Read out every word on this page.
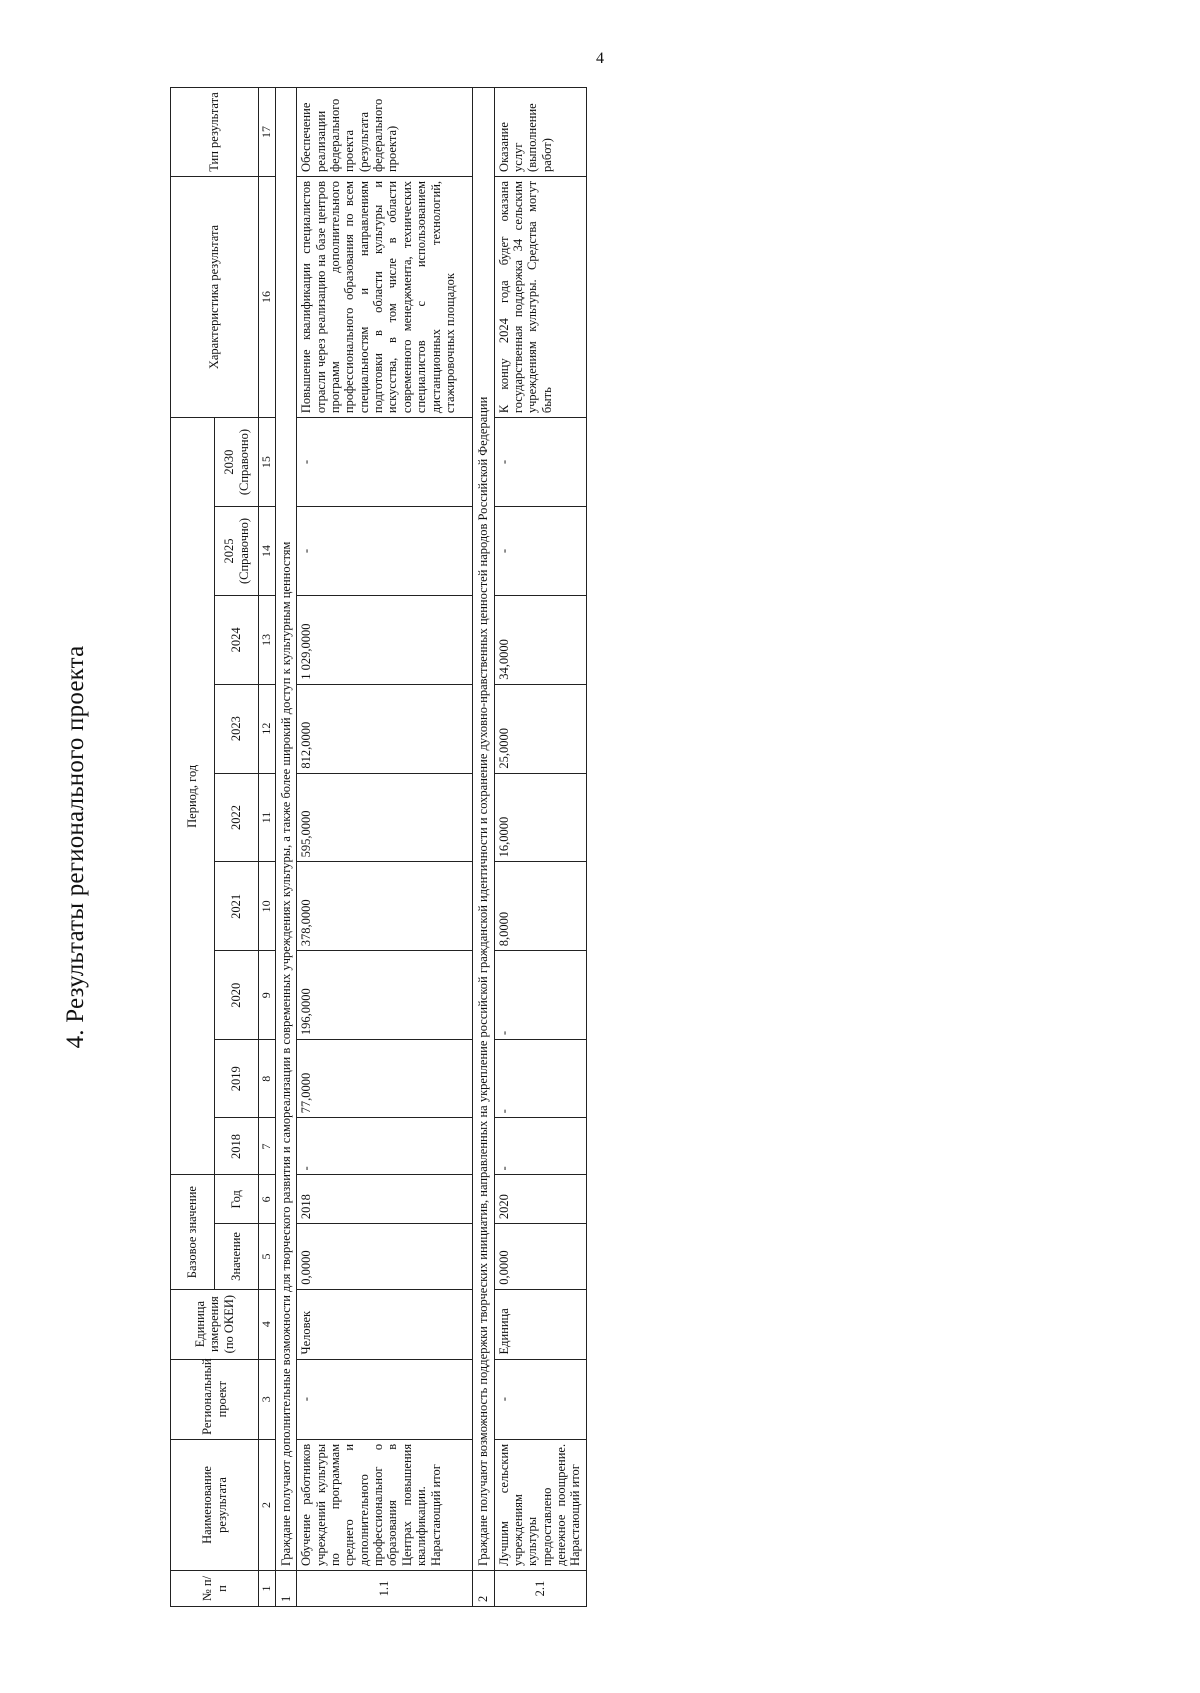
4
4. Результаты регионального проекта
№ п/п	Наименование результата	Региональный проект	Единица измерения (по ОКЕИ)	Базовое значение		Период, год									Характеристика результата	Тип результата
				Значение	Год	2018	2019	2020	2021	2022	2023	2024	2025 (Справочно)	2030 (Справочно)		
1	2	3	4	5	6	7	8	9	10	11	12	13	14	15	16	17
1	Граждане получают дополнительные возможности для творческого развития и самореализации в современных учреждениях культуры, а также более широкий доступ к культурным ценностям															
1.1	Обучение работников учреждений культуры по программам среднего и дополнительного профессиональног о образования в Центрах повышения квалификации. Нарастающий итог	-	Человек	0,0000	2018	-	77,0000	196,0000	378,0000	595,0000	812,0000	1 029,0000	-	-	Повышение квалификации специалистов отрасли через реализацию на базе центров программ дополнительного профессионального образования по всем специальностям и направлениям подготовки в области культуры и искусства, в том числе в области современного менеджмента, технических специалистов с использованием дистанционных технологий, стажировочных площадок	Обеспечение реализации федерального проекта (результата федерального проекта)
2	Граждане получают возможность поддержки творческих инициатив, направленных на укрепление российской гражданской идентичности и сохранение духовно-нравственных ценностей народов Российской Федерации															
2.1	Лучшим сельским учреждениям культуры предоставлено денежное поощрение. Нарастающий итог	-	Единица	0,0000	2020	-	-	-	8,0000	16,0000	25,0000	34,0000	-	-	К концу 2024 года будет оказана государственная поддержка 34 сельским учреждениям культуры. Средства могут быть	Оказание услуг (выполнение работ)
